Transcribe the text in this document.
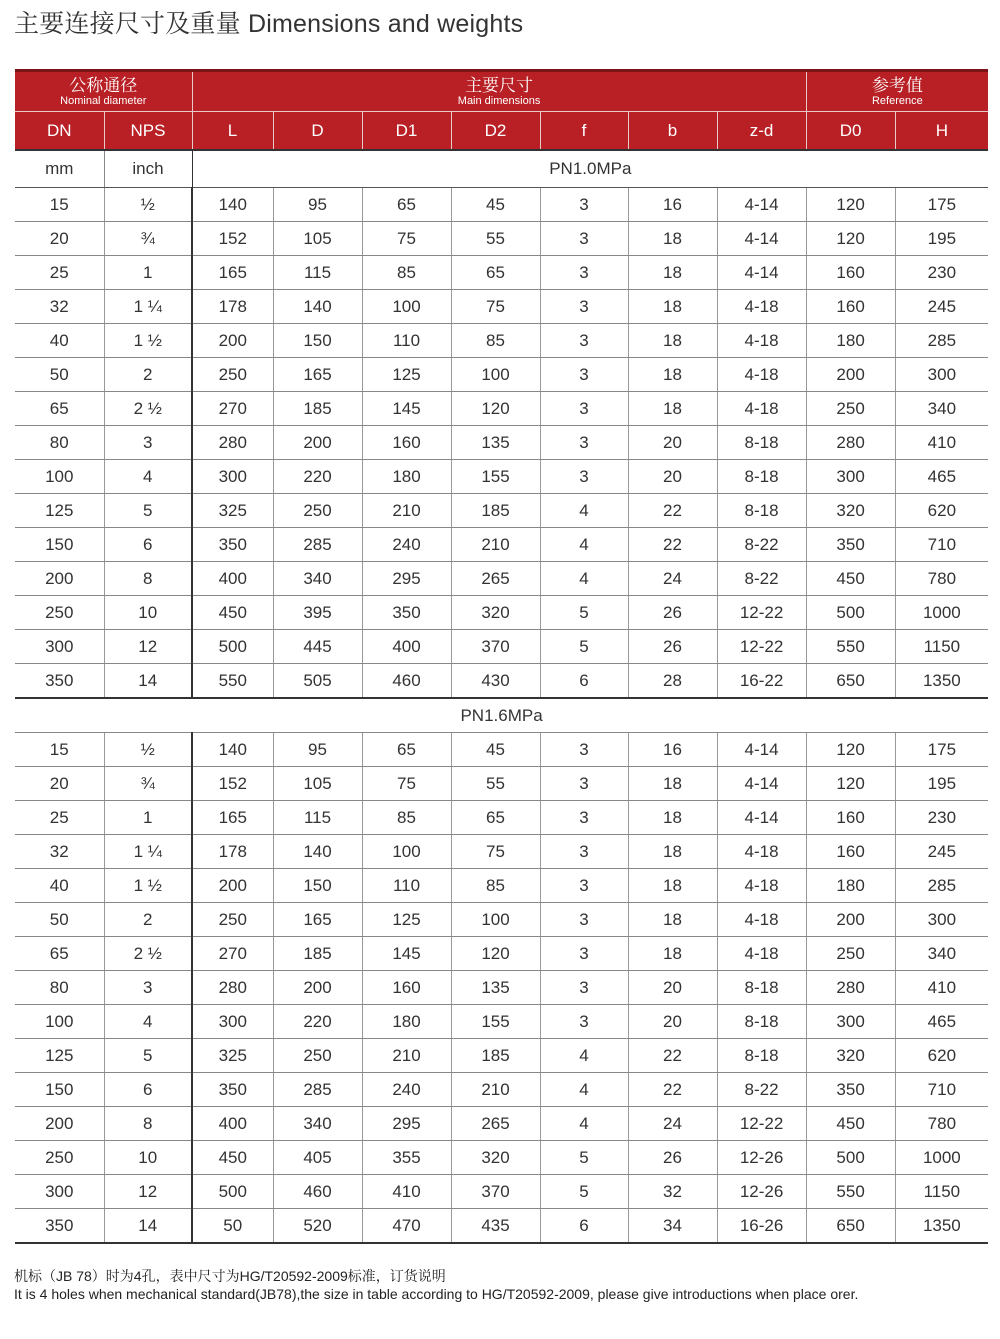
主要连接尺寸及重量 Dimensions and weights
公称通径
Nominal diameter		主要尺寸
Main dimensions							参考值
Reference	

DN	NPS	L	D	D1	D2	f	b	z-d	D0	H
mm	inch	PN1.0MPa								
15	½	140	95	65	45	3	16	4-14	120	175
20	¾	152	105	75	55	3	18	4-14	120	195
25	1	165	115	85	65	3	18	4-14	160	230
32	1 ¼	178	140	100	75	3	18	4-18	160	245
40	1 ½	200	150	110	85	3	18	4-18	180	285
50	2	250	165	125	100	3	18	4-18	200	300
65	2 ½	270	185	145	120	3	18	4-18	250	340
80	3	280	200	160	135	3	20	8-18	280	410
100	4	300	220	180	155	3	20	8-18	300	465
125	5	325	250	210	185	4	22	8-18	320	620
150	6	350	285	240	210	4	22	8-22	350	710
200	8	400	340	295	265	4	24	8-22	450	780
250	10	450	395	350	320	5	26	12-22	500	1000
300	12	500	445	400	370	5	26	12-22	550	1150
350	14	550	505	460	430	6	28	16-22	650	1350
PN1.6MPa										
15	½	140	95	65	45	3	16	4-14	120	175
20	¾	152	105	75	55	3	18	4-14	120	195
25	1	165	115	85	65	3	18	4-14	160	230
32	1 ¼	178	140	100	75	3	18	4-18	160	245
40	1 ½	200	150	110	85	3	18	4-18	180	285
50	2	250	165	125	100	3	18	4-18	200	300
65	2 ½	270	185	145	120	3	18	4-18	250	340
80	3	280	200	160	135	3	20	8-18	280	410
100	4	300	220	180	155	3	20	8-18	300	465
125	5	325	250	210	185	4	22	8-18	320	620
150	6	350	285	240	210	4	22	8-22	350	710
200	8	400	340	295	265	4	24	12-22	450	780
250	10	450	405	355	320	5	26	12-26	500	1000
300	12	500	460	410	370	5	32	12-26	550	1150
350	14	50	520	470	435	6	34	16-26	650	1350
机标（JB 78）时为4孔，表中尺寸为HG/T20592-2009标准，订货说明
It is 4 holes when mechanical standard(JB78),the size in table according to HG/T20592-2009, please give introductions when place orer.
